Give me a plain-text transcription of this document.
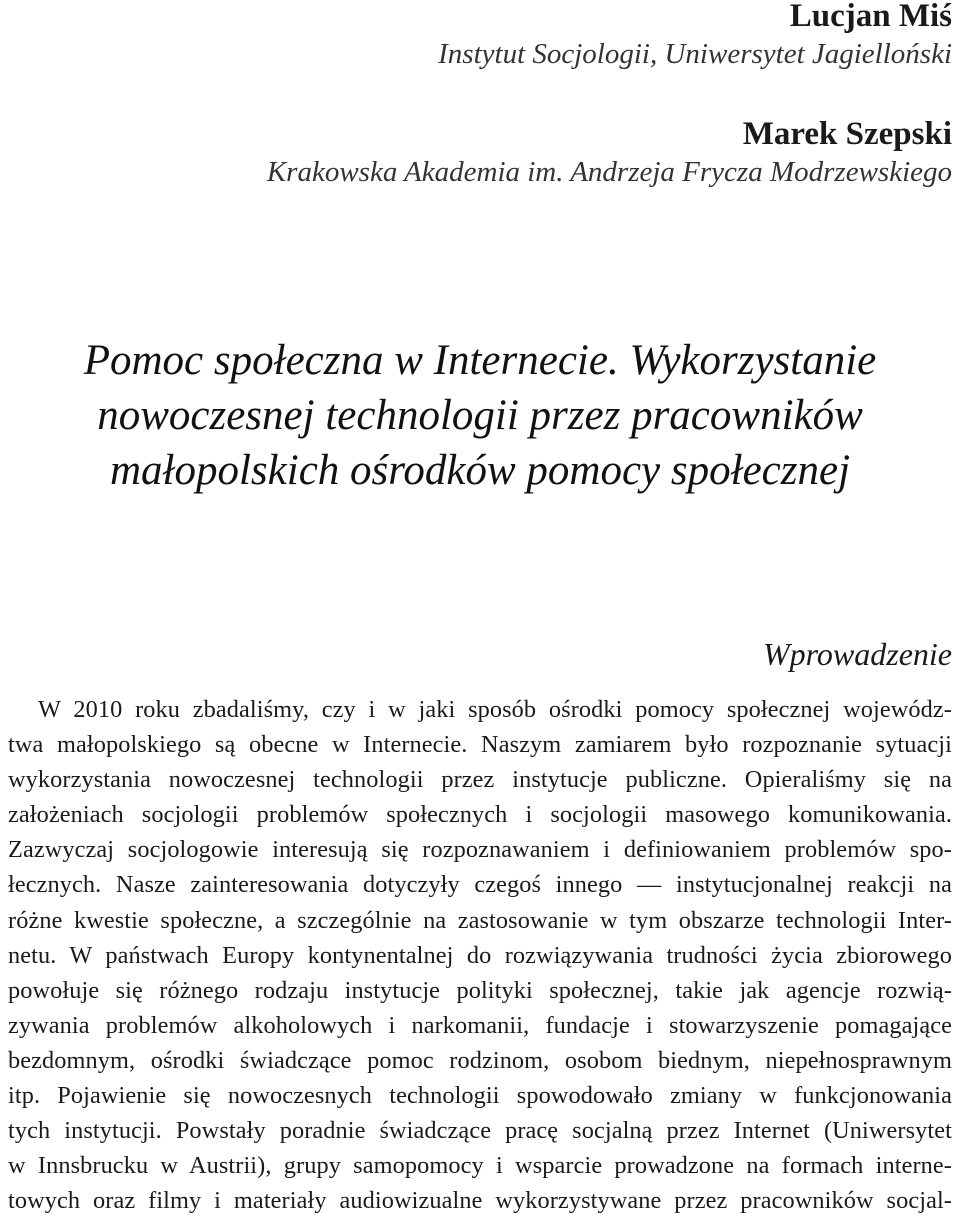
Lucjan Miś

Instytut Socjologii, Uniwersytet Jagielloński

Marek Szepski

Krakowska Akademia im. Andrzeja Frycza Modrzewskiego

Pomoc społeczna w Internecie. Wykorzystanie
nowoczesnej technologii przez pracowników
małopolskich ośrodków pomocy społecznej
Wprowadzenie
W 2010 roku zbadaliśmy, czy i w jaki sposób ośrodki pomocy społecznej wojewódz-
twa małopolskiego są obecne w Internecie. Naszym zamiarem było rozpoznanie sytuacji
wykorzystania nowoczesnej technologii przez instytucje publiczne. Opieraliśmy się na
założeniach socjologii problemów społecznych i socjologii masowego komunikowania.
Zazwyczaj socjologowie interesują się rozpoznawaniem i definiowaniem problemów spo-
łecznych. Nasze zainteresowania dotyczyły czegoś innego — instytucjonalnej reakcji na
różne kwestie społeczne, a szczególnie na zastosowanie w tym obszarze technologii Inter-
netu. W państwach Europy kontynentalnej do rozwiązywania trudności życia zbiorowego
powołuje się różnego rodzaju instytucje polityki społecznej, takie jak agencje rozwią-
zywania problemów alkoholowych i narkomanii, fundacje i stowarzyszenie pomagające
bezdomnym, ośrodki świadczące pomoc rodzinom, osobom biednym, niepełnosprawnym
itp. Pojawienie się nowoczesnych technologii spowodowało zmiany w funkcjonowania
tych instytucji. Powstały poradnie świadczące pracę socjalną przez Internet (Uniwersytet
w Innsbrucku w Austrii), grupy samopomocy i wsparcie prowadzone na formach interne-
towych oraz filmy i materiały audiowizualne wykorzystywane przez pracowników socjal-
